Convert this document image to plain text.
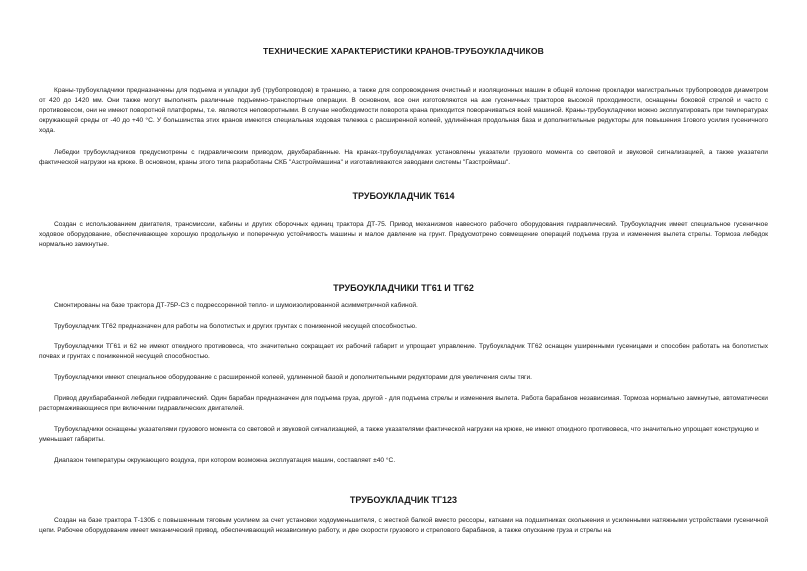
ТЕХНИЧЕСКИЕ ХАРАКТЕРИСТИКИ КРАНОВ-ТРУБОУКЛАДЧИКОВ

Краны-трубоукладчики предназначены для подъема и укладки зуб (трубопроводов) в траншею, а также для сопровождения очистный и изоляционных машин в общей колонне прокладки магистральных трубопроводов диаметром от 420 до 1420 мм. Они также могут выполнять различные подъемно-транспортные операции. В основном, все они изготовляются на азе гусеничных тракторов высокой проходимости, оснащены боковой стрелой и часто с противовесом, они не имеют поворотной платформы, т.е. являются неповоротными. В случае необходимости поворота крана приходится поворачиваться всей машиной. Краны-трубоукладчики можно эксплуатировать при температурах окружающей среды от -40 до +40 °С. У большинства этих кранов имеются специальная ходовая тележка с расширенной колеей, удлинённая продольная база и дополнительные редукторы для повышения 1гового усилия гусеничного хода.

Лебедки трубоукладчиков предусмотрены с гидравлическим приводом, двухбарабанные. На кранах-трубоукладчиках установлены указатели грузового момента со световой и звуковой сигнализацией, а также указатели фактической нагрузки на крюке. В основном, краны этого типа разработаны СКБ "Азстроймашина" и изготавливаются заводами системы "Газстроймаш".

ТРУБОУКЛАДЧИК Т614

Создан с использованием двигателя, трансмиссии, кабины и других сборочных единиц трактора ДТ-75. Привод механизмов навесного рабочего оборудования гидравлический. Трубоукладчик имеет специальное гусеничное ходовое оборудование, обеспечивающее хорошую продольную и поперечную устойчивость машины и малое давление на грунт. Предусмотрено совмещение операций подъема груза и изменения вылета стрелы. Тормоза лебедок нормально замкнутые.

ТРУБОУКЛАДЧИКИ ТГ61 И ТГ62

Смонтированы на базе трактора ДТ-75Р-СЗ с подрессоренной тепло- и шумоизолированной асимметричной кабиной.

Трубоукладчик ТГ62 предназначен для работы на болотистых и других грунтах с пониженной несущей способностью.

Трубоукладчики ТГ61 и 62 не имеют откидного противовеса, что значительно сокращает их рабочий габарит и упрощает управление. Трубоукладчик ТГ62 оснащен уширенными гусеницами и способен работать на болотистых почвах и грунтах с пониженной несущей способностью.

Трубоукладчики имеют специальное оборудование с расширенной колеей, удлиненной базой и дополнительными редукторами для увеличения силы тяги.

Привод двухбарабанной лебедки гидравлический. Один барабан предназначен для подъема груза, другой - для подъема стрелы и изменения вылета. Работа барабанов независимая. Тормоза нормально замкнутые, автоматически растормаживающиеся при включении гидравлических двигателей.

Трубоукладчики оснащены указателями грузового момента со световой и звуковой сигнализацией, а также указателями фактической нагрузки на крюке, не имеют откидного противовеса, что значительно упрощает конструкцию и уменьшает габариты.

Диапазон температуры окружающего воздуха, при котором возможна эксплуатация машин, составляет ±40 °С.

ТРУБОУКЛАДЧИК ТГ123

Создан на базе трактора Т-130Б с повышенным тяговым усилием за счет установки ходоуменьшителя, с жесткой балкой вместо рессоры, катками на подшипниках скольжения и усиленными натяжными устройствами гусеничной цепи. Рабочее оборудование имеет механический привод, обеспечивающий независимую работу, и две скорости грузового и стрелового барабанов, а также опускание груза и стрелы на
